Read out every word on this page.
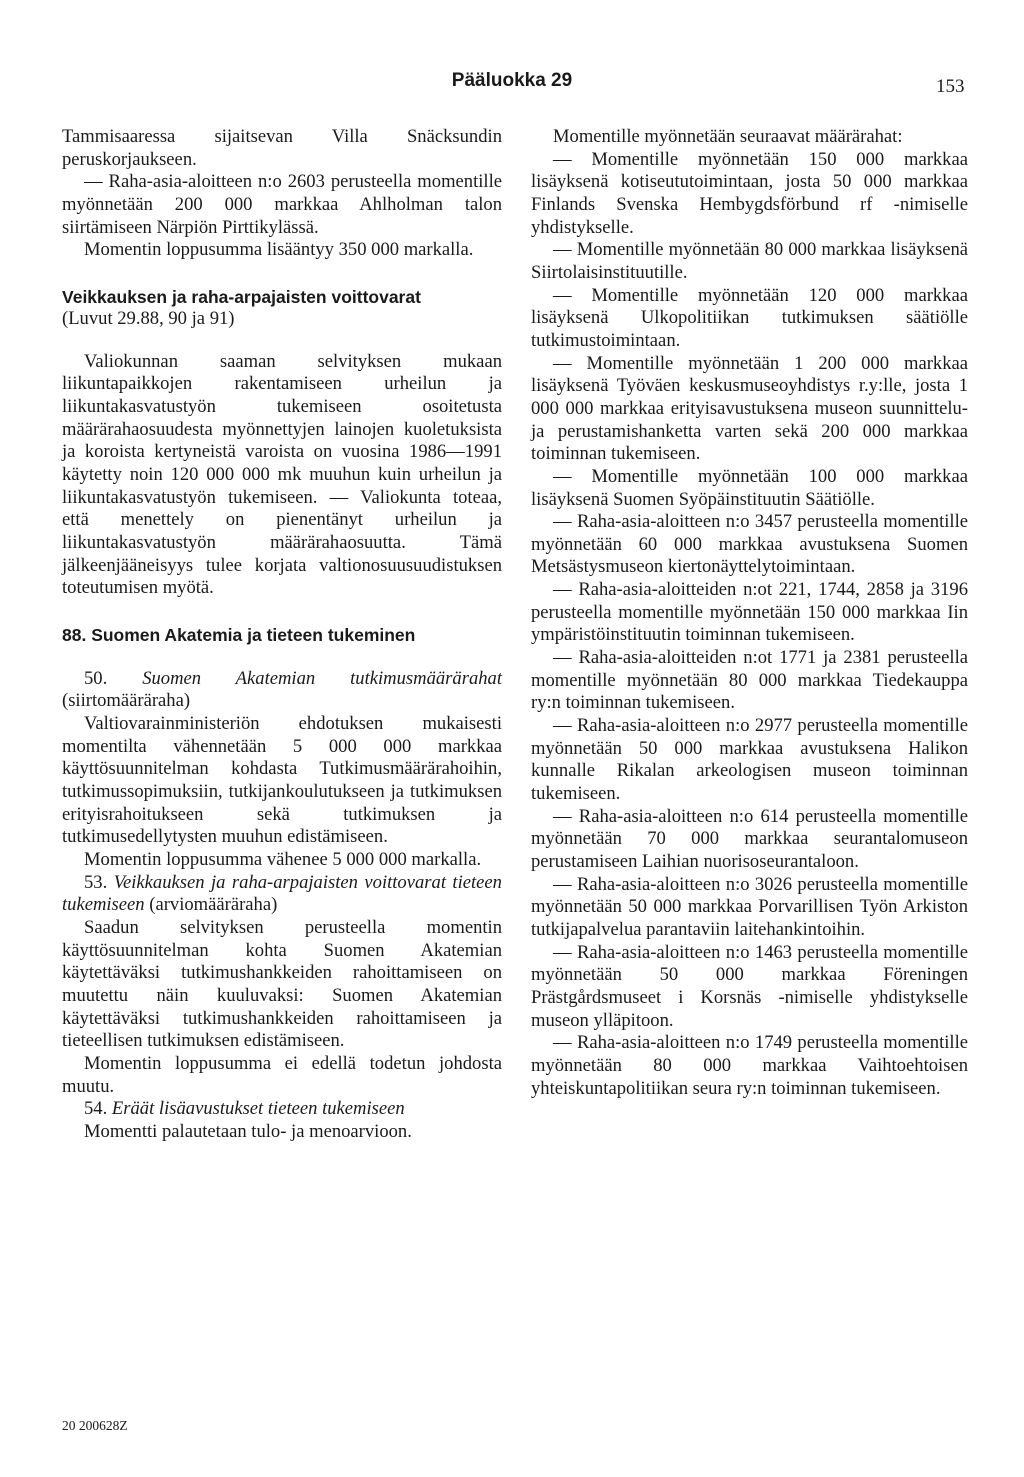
Pääluokka 29	153

Tammisaaressa sijaitsevan Villa Snäcksundin peruskorjaukseen.

— Raha-asia-aloitteen n:o 2603 perusteella momentille myönnetään 200 000 markkaa Ahlholman talon siirtämiseen Närpiön Pirttikylässä.

Momentin loppusumma lisääntyy 350 000 markalla.

Veikkauksen ja raha-arpajaisten voittovarat

(Luvut 29.88, 90 ja 91)

Valiokunnan saaman selvityksen mukaan liikuntapaikkojen rakentamiseen urheilun ja liikuntakasvatustyön tukemiseen osoitetusta määrärahaosuudesta myönnettyjen lainojen kuoletuksista ja koroista kertyneistä varoista on vuosina 1986—1991 käytetty noin 120 000 000 mk muuhun kuin urheilun ja liikuntakasvatustyön tukemiseen. — Valiokunta toteaa, että menettely on pienentänyt urheilun ja liikuntakasvatustyön määrärahaosuutta. Tämä jälkeenjääneisyys tulee korjata valtionosuusuudistuksen toteutumisen myötä.

88. Suomen Akatemia ja tieteen tukeminen

50. Suomen Akatemian tutkimusmäärärahat (siirtomääräraha)

Valtiovarainministeriön ehdotuksen mukaisesti momentilta vähennetään 5 000 000 markkaa käyttösuunnitelman kohdasta Tutkimusmäärärahoihin, tutkimussopimuksiin, tutkijankoulutukseen ja tutkimuksen erityisrahoitukseen sekä tutkimuksen ja tutkimusedellytysten muuhun edistämiseen.

Momentin loppusumma vähenee 5 000 000 markalla.

53. Veikkauksen ja raha-arpajaisten voittovarat tieteen tukemiseen (arviomääräraha)

Saadun selvityksen perusteella momentin käyttösuunnitelman kohta Suomen Akatemian käytettäväksi tutkimushankkeiden rahoittamiseen on muutettu näin kuuluvaksi: Suomen Akatemian käytettäväksi tutkimushankkeiden rahoittamiseen ja tieteellisen tutkimuksen edistämiseen.

Momentin loppusumma ei edellä todetun johdosta muutu.

54. Eräät lisäavustukset tieteen tukemiseen

Momentti palautetaan tulo- ja menoarvioon.

Momentille myönnetään seuraavat määrärahat:

— Momentille myönnetään 150 000 markkaa lisäyksenä kotiseututoimintaan, josta 50 000 markkaa Finlands Svenska Hembygdsförbund rf -nimiselle yhdistykselle.

— Momentille myönnetään 80 000 markkaa lisäyksenä Siirtolaisinstituutille.

— Momentille myönnetään 120 000 markkaa lisäyksenä Ulkopolitiikan tutkimuksen säätiölle tutkimustoimintaan.

— Momentille myönnetään 1 200 000 markkaa lisäyksenä Työväen keskusmuseoyhdistys r.y:lle, josta 1 000 000 markkaa erityisavustuksena museon suunnittelu- ja perustamishanketta varten sekä 200 000 markkaa toiminnan tukemiseen.

— Momentille myönnetään 100 000 markkaa lisäyksenä Suomen Syöpäinstituutin Säätiölle.

— Raha-asia-aloitteen n:o 3457 perusteella momentille myönnetään 60 000 markkaa avustuksena Suomen Metsästysmuseon kiertonäyttelytoimintaan.

— Raha-asia-aloitteiden n:ot 221, 1744, 2858 ja 3196 perusteella momentille myönnetään 150 000 markkaa Iin ympäristöinstituutin toiminnan tukemiseen.

— Raha-asia-aloitteiden n:ot 1771 ja 2381 perusteella momentille myönnetään 80 000 markkaa Tiedekauppa ry:n toiminnan tukemiseen.

— Raha-asia-aloitteen n:o 2977 perusteella momentille myönnetään 50 000 markkaa avustuksena Halikon kunnalle Rikalan arkeologisen museon toiminnan tukemiseen.

— Raha-asia-aloitteen n:o 614 perusteella momentille myönnetään 70 000 markkaa seurantalomuseon perustamiseen Laihian nuorisoseurantaloon.

— Raha-asia-aloitteen n:o 3026 perusteella momentille myönnetään 50 000 markkaa Porvarillisen Työn Arkiston tutkijapalvelua parantaviin laitehankintoihin.

— Raha-asia-aloitteen n:o 1463 perusteella momentille myönnetään 50 000 markkaa Föreningen Prästgårdsmuseet i Korsnäs -nimiselle yhdistykselle museon ylläpitoon.

— Raha-asia-aloitteen n:o 1749 perusteella momentille myönnetään 80 000 markkaa Vaihtoehtoisen yhteiskuntapolitiikan seura ry:n toiminnan tukemiseen.

20 200628Z
